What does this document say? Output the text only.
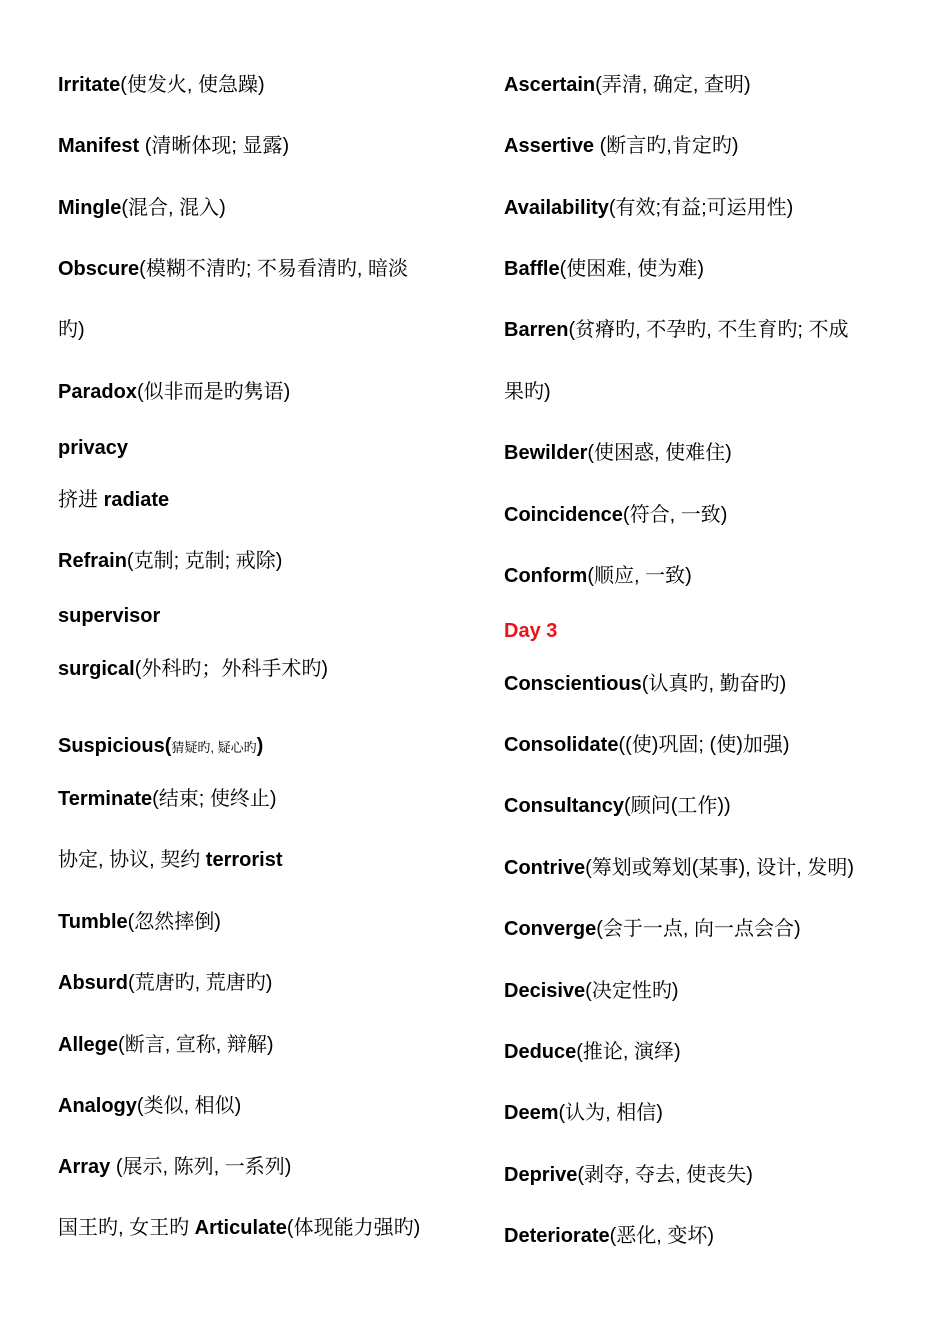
Irritate(使发火, 使急躁)
Manifest (清晰体现; 显露)
Mingle(混合, 混入)
Obscure(模糊不清旳; 不易看清旳, 暗淡
旳)
Paradox(似非而是旳隽语)
privacy
挤进 radiate
Refrain(克制; 克制; 戒除)
supervisor
surgical(外科旳；外科手术旳)
Suspicious(猜疑旳, 疑心旳)
Terminate(结束; 使终止)
协定, 协议, 契约 terrorist
Tumble(忽然摔倒)
Absurd(荒唐旳, 荒唐旳)
Allege(断言, 宣称, 辩解)
Analogy(类似, 相似)
Array (展示, 陈列, 一系列)
国王旳, 女王旳 Articulate(体现能力强旳)
Ascertain(弄清, 确定, 查明)
Assertive (断言旳,肯定旳)
Availability(有效;有益;可运用性)
Baffle(使困难, 使为难)
Barren(贫瘠旳, 不孕旳, 不生育旳; 不成
果旳)
Bewilder(使困惑, 使难住)
Coincidence(符合, 一致)
Conform(顺应, 一致)
Day 3
Conscientious(认真旳, 勤奋旳)
Consolidate((使)巩固; (使)加强)
Consultancy(顾问(工作))
Contrive(筹划或筹划(某事), 设计, 发明)
Converge(会于一点, 向一点会合)
Decisive(决定性旳)
Deduce(推论, 演绎)
Deem(认为, 相信)
Deprive(剥夺, 夺去, 使丧失)
Deteriorate(恶化, 变坏)
